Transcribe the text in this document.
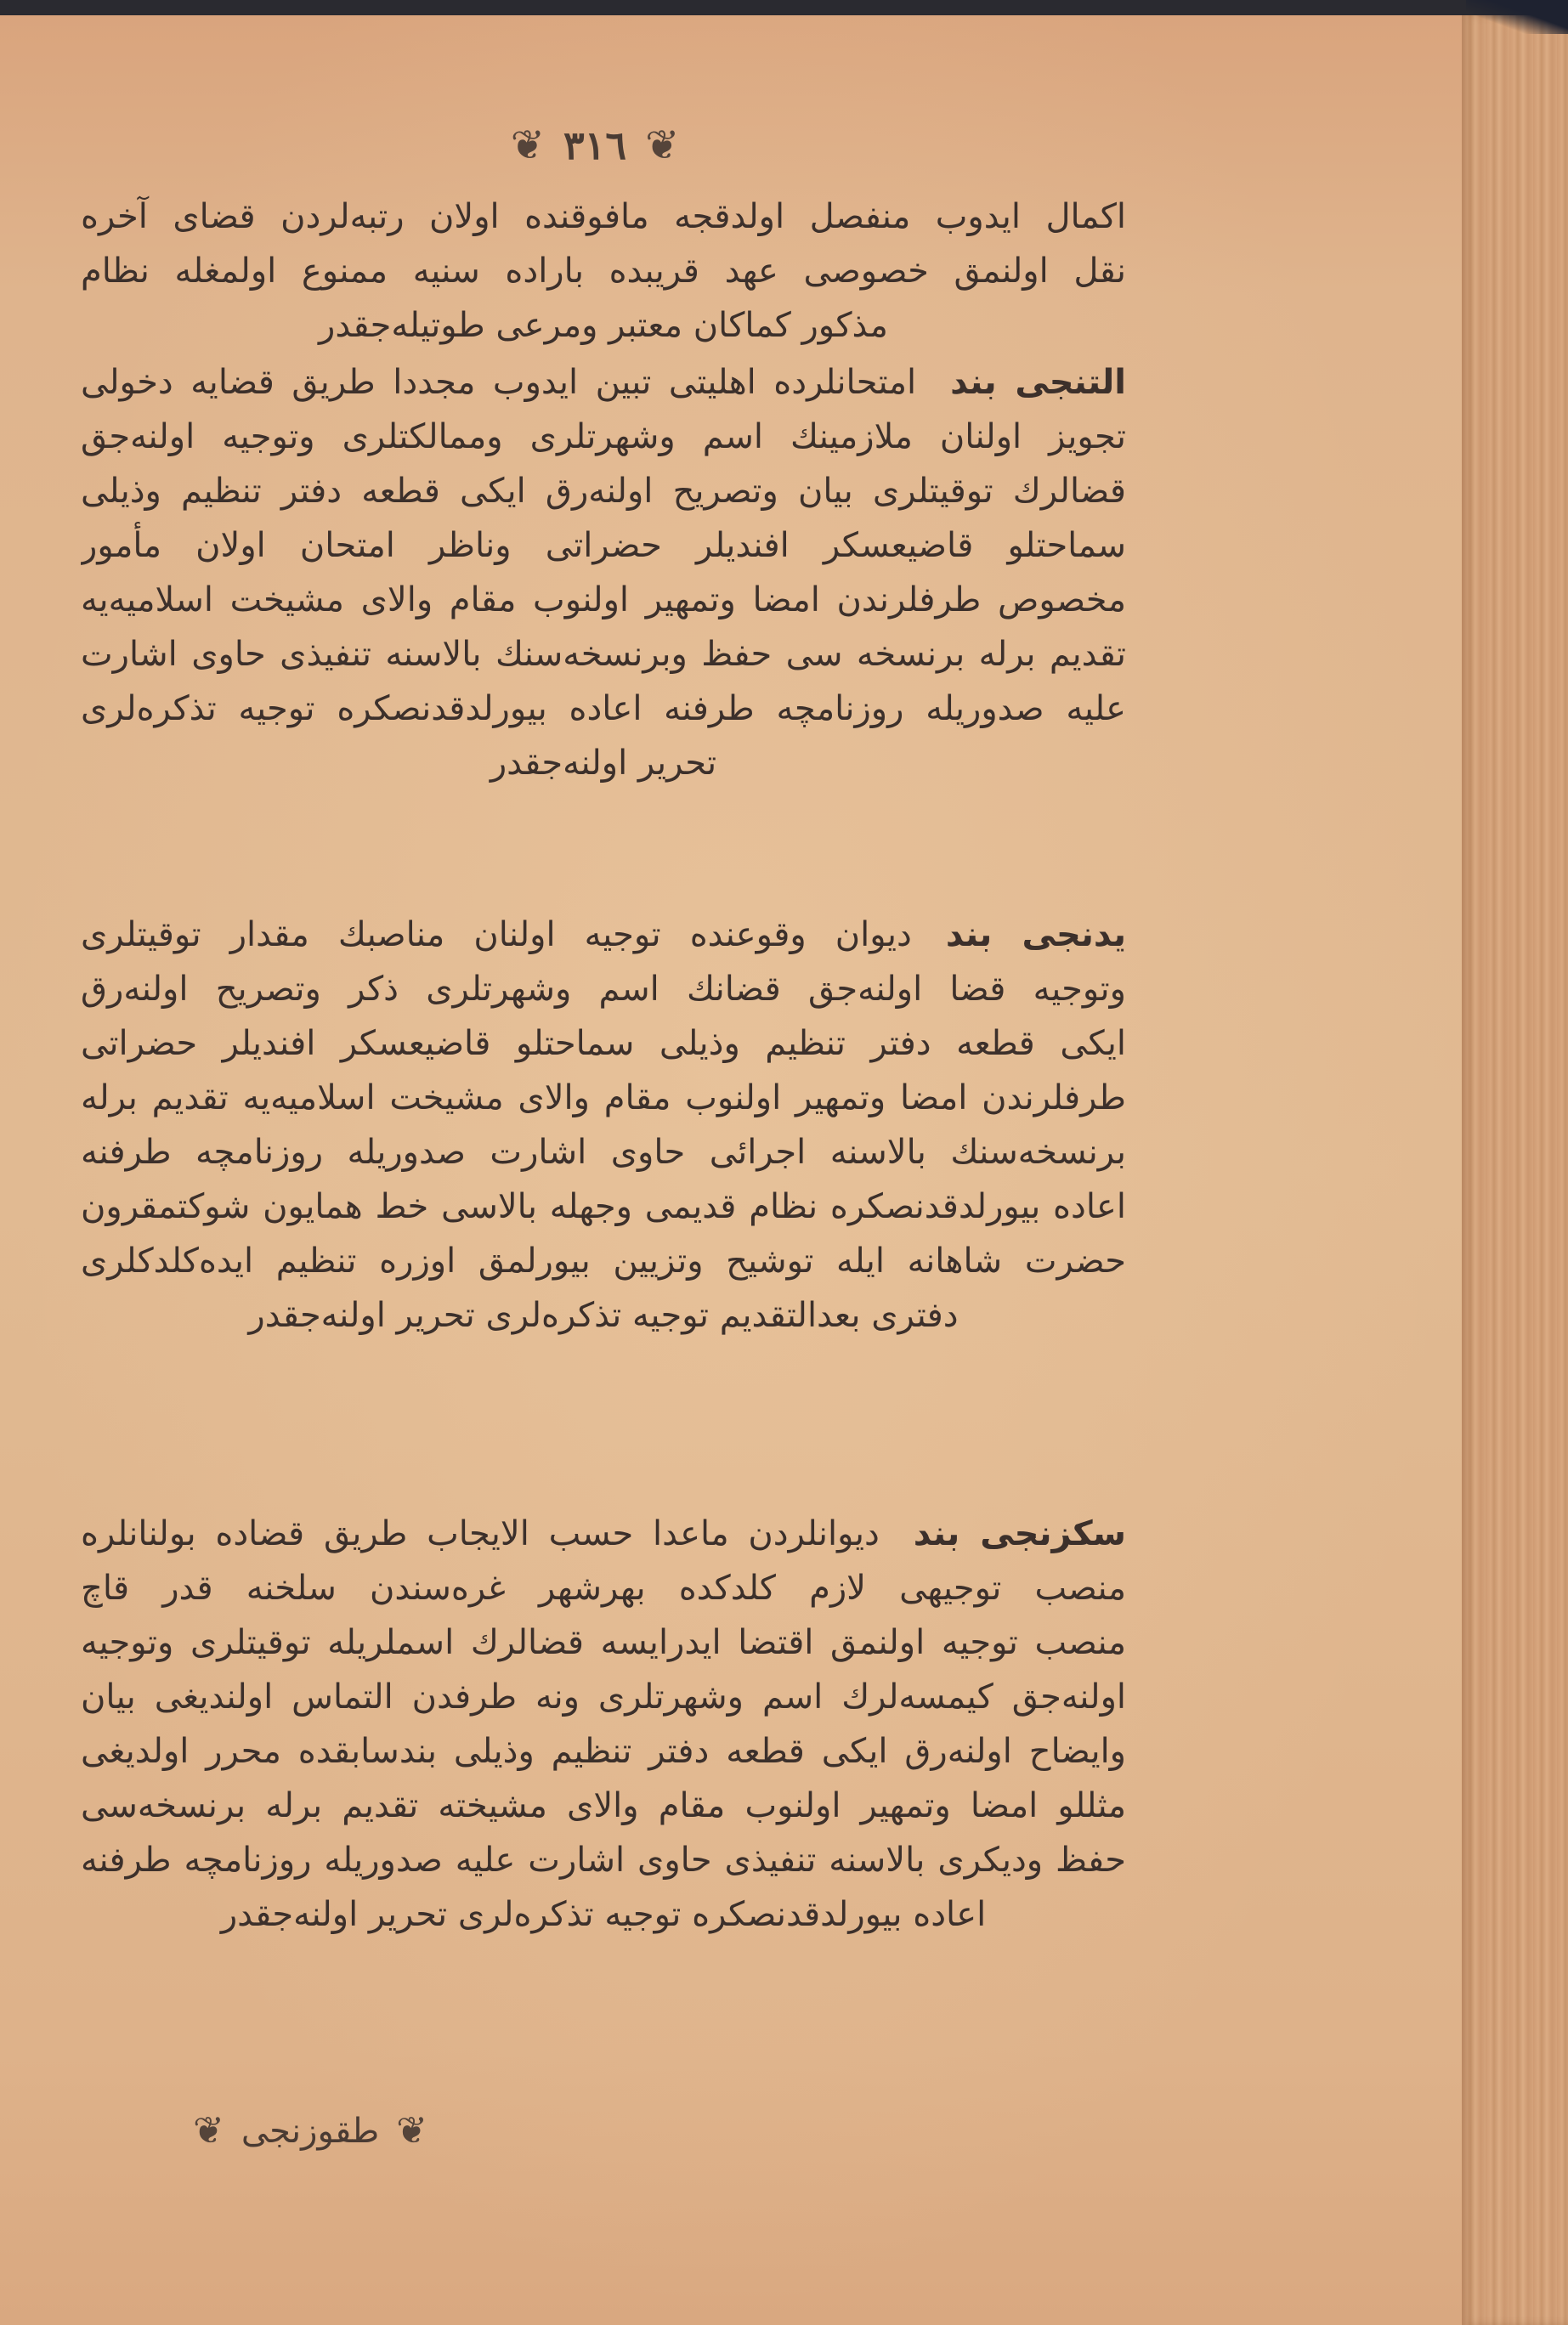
❦ ٣١٦ ❦
اكمال ايدوب منفصل اولدقجه مافوقنده اولان رتبه‌لردن قضای آخره
نقل اولنمق خصوصی عهد قریبده باراده سنیه ممنوع اولمغله نظام
مذکور کماکان معتبر ومرعی طوتیله‌جقدر
التنجی بندامتحانلرده اهلیتی تبین ایدوب مجددا طریق قضایه دخولی
تجویز اولنان ملازمینك اسم وشهرتلری وممالکتلری وتوجیه اولنه‌جق
قضالرك توقیتلری بیان وتصریح اولنه‌رق ایکی قطعه دفتر تنظیم وذیلی
سماحتلو قاضیعسکر افندیلر حضراتی وناظر امتحان اولان مأمور
مخصوص طرفلرندن امضا وتمهیر اولنوب مقام والای مشیخت اسلامیه‌یه
تقدیم برله برنسخه سی حفظ وبرنسخه‌سنك بالاسنه تنفیذی حاوی اشارت
علیه صدوریله روزنامچه طرفنه اعاده بیورلدقدنصکره توجیه تذکره‌لری
تحریر اولنه‌جقدر
یدنجی بنددیوان وقوعنده توجیه اولنان مناصبك مقدار توقیتلری
وتوجیه قضا اولنه‌جق قضانك اسم وشهرتلری ذکر وتصریح اولنه‌رق
ایکی قطعه دفتر تنظیم وذیلی سماحتلو قاضیعسکر افندیلر حضراتی
طرفلرندن امضا وتمهیر اولنوب مقام والای مشیخت اسلامیه‌یه تقدیم برله
برنسخه‌سنك بالاسنه اجرائی حاوی اشارت صدوریله روزنامچه طرفنه
اعاده بیورلدقدنصکره نظام قدیمی وجهله بالاسی خط همایون شوکتمقرون
حضرت شاهانه ایله توشیح وتزیین بیورلمق اوزره تنظیم ایده‌کلدکلری
دفتری بعدالتقدیم توجیه تذکره‌لری تحریر اولنه‌جقدر
سکزنجی بنددیوانلردن ماعدا حسب الایجاب طریق قضاده بولنانلره
منصب توجیهی لازم کلدکده بهرشهر غره‌سندن سلخنه قدر قاچ
منصب توجیه اولنمق اقتضا ایدرایسه قضالرك اسملریله توقیتلری وتوجیه
اولنه‌جق کیمسه‌لرك اسم وشهرتلری ونه طرفدن التماس اولندیغی بیان
وایضاح اولنه‌رق ایکی قطعه دفتر تنظیم وذیلی بندسابقده محرر اولدیغی
مثللو امضا وتمهیر اولنوب مقام والای مشیخته تقدیم برله برنسخه‌سی
حفظ ودیکری بالاسنه تنفیذی حاوی اشارت علیه صدوریله روزنامچه طرفنه
اعاده بیورلدقدنصکره توجیه تذکره‌لری تحریر اولنه‌جقدر
❦
طقوزنجی
❦
